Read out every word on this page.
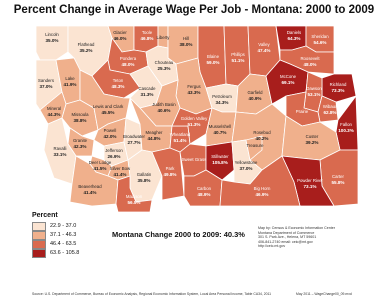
Percent Change in Average Wage Per Job - Montana: 2000 to 2009
Lincoln
35.0%
Flathead
35.2%
Glacier
46.0%
Toole
46.8% Liberty	Hill
38.0%
Blaine
59.0%
Phillips
51.1%
Valley
47.4%
Daniels
64.3%	Sheridan
54.6%
Roosevelt
48.0%
Richland
73.3%
Sanders
37.0%
Lake
41.9%
Pondera
48.0%
Teton
48.3%
Chouteau
25.3%
Cascade
31.3%
Fergus
43.3%
Petroleum
34.3%
Garfield
40.9%
McCone
69.1%
Dawson
53.1%
Wibaux
62.8%
Mineral
44.3%	Missoula
38.8%
Lewis and Clark
45.5%
Judith Basin
40.6%	Prairie
Fallon
100.3%
Powell
42.0%
Granite
42.3%
Jefferson
26.9%
Broadwater
27.7%
Meagher
44.8%
Wheatland
51.4%
Golden Valley
51.3% Musselshell
40.7%	Rosebud
40.2%	Custer
39.2%
Ravalli
33.1%
Deer Lodge
41.5% Silver Bow
41.4% Gallatin
35.8%
Park
49.8%
Sweet Grass
Stillwater
105.8% Yellowstone
37.0%
Treasure
Carter
55.8%
Powder River
73.1%
Beaverhead
41.4%
Madison
56.5%
Carbon
48.9%
Big Horn
46.9%
Percent
22.9 - 37.0
37.1 - 46.3
46.4 - 63.5
63.6 - 105.8
Montana Change 2000 to 2009: 40.3%
Map by: Census & Economic Information Center
Montana Department of Commerce
301 S. Park Ave., Helena, MT 59601
406-841-2740 email: ceic@mt.gov
http://ceic.mt.gov
Source: U.S. Department of Commerce, Bureau of Economic Analysis, Regional Economic Information System, Local Area Personal Income, Table CA34, 2011	May 2011 – WageChange00_09.mxd
